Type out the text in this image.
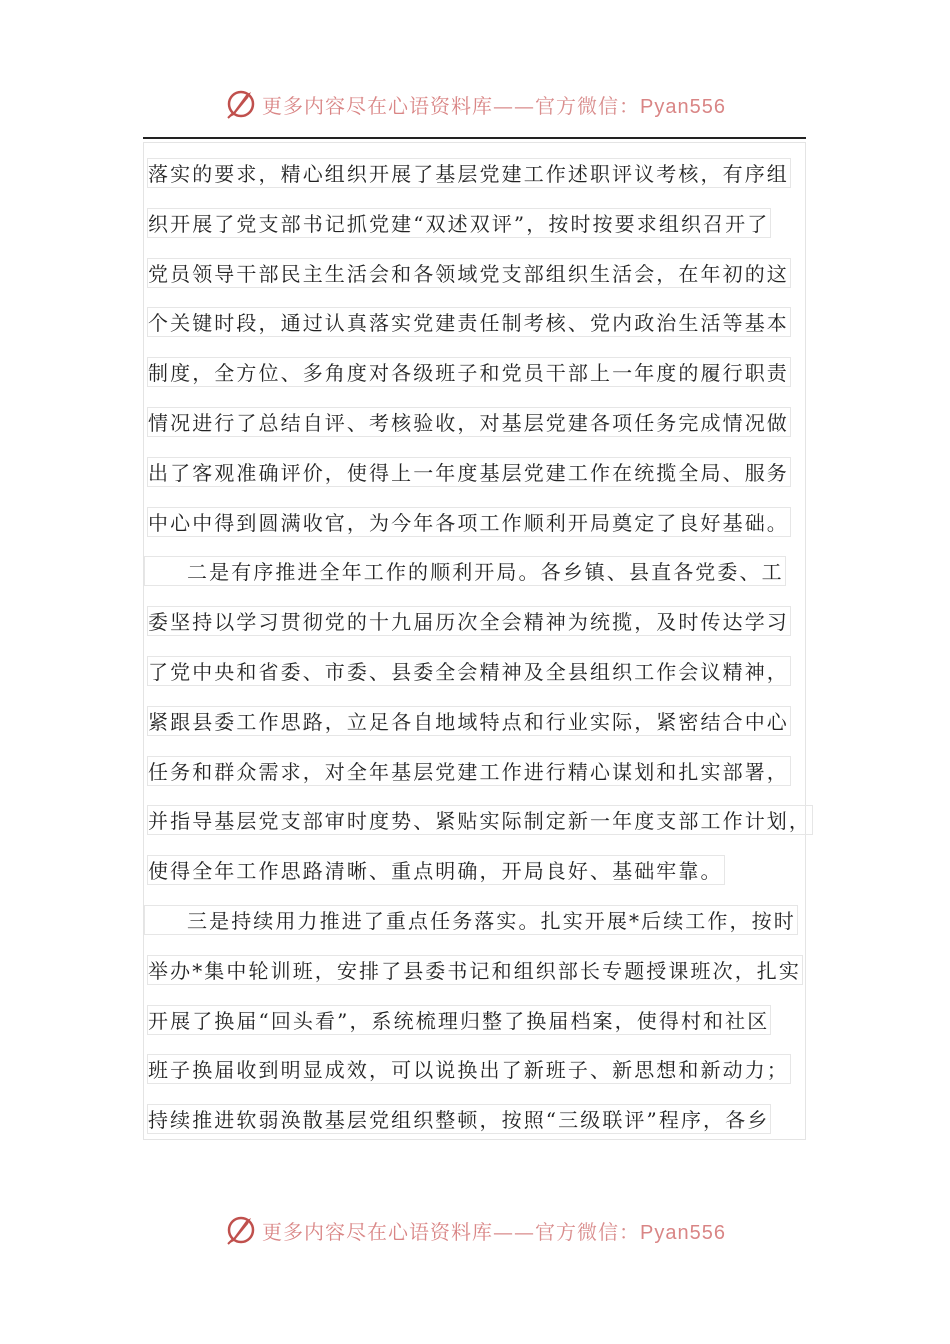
更多内容尽在心语资料库——官方微信：Pyan556
落实的要求，精心组织开展了基层党建工作述职评议考核，有序组
织开展了党支部书记抓党建“双述双评”，按时按要求组织召开了
党员领导干部民主生活会和各领域党支部组织生活会，在年初的这
个关键时段，通过认真落实党建责任制考核、党内政治生活等基本
制度，全方位、多角度对各级班子和党员干部上一年度的履行职责
情况进行了总结自评、考核验收，对基层党建各项任务完成情况做
出了客观准确评价，使得上一年度基层党建工作在统揽全局、服务
中心中得到圆满收官，为今年各项工作顺利开局奠定了良好基础。
二是有序推进全年工作的顺利开局。各乡镇、县直各党委、工
委坚持以学习贯彻党的十九届历次全会精神为统揽，及时传达学习
了党中央和省委、市委、县委全会精神及全县组织工作会议精神，
紧跟县委工作思路，立足各自地域特点和行业实际，紧密结合中心
任务和群众需求，对全年基层党建工作进行精心谋划和扎实部署，
并指导基层党支部审时度势、紧贴实际制定新一年度支部工作计划，
使得全年工作思路清晰、重点明确，开局良好、基础牢靠。
三是持续用力推进了重点任务落实。扎实开展*后续工作，按时
举办*集中轮训班，安排了县委书记和组织部长专题授课班次，扎实
开展了换届“回头看”，系统梳理归整了换届档案，使得村和社区
班子换届收到明显成效，可以说换出了新班子、新思想和新动力；
持续推进软弱涣散基层党组织整顿，按照“三级联评”程序，各乡
更多内容尽在心语资料库——官方微信：Pyan556
